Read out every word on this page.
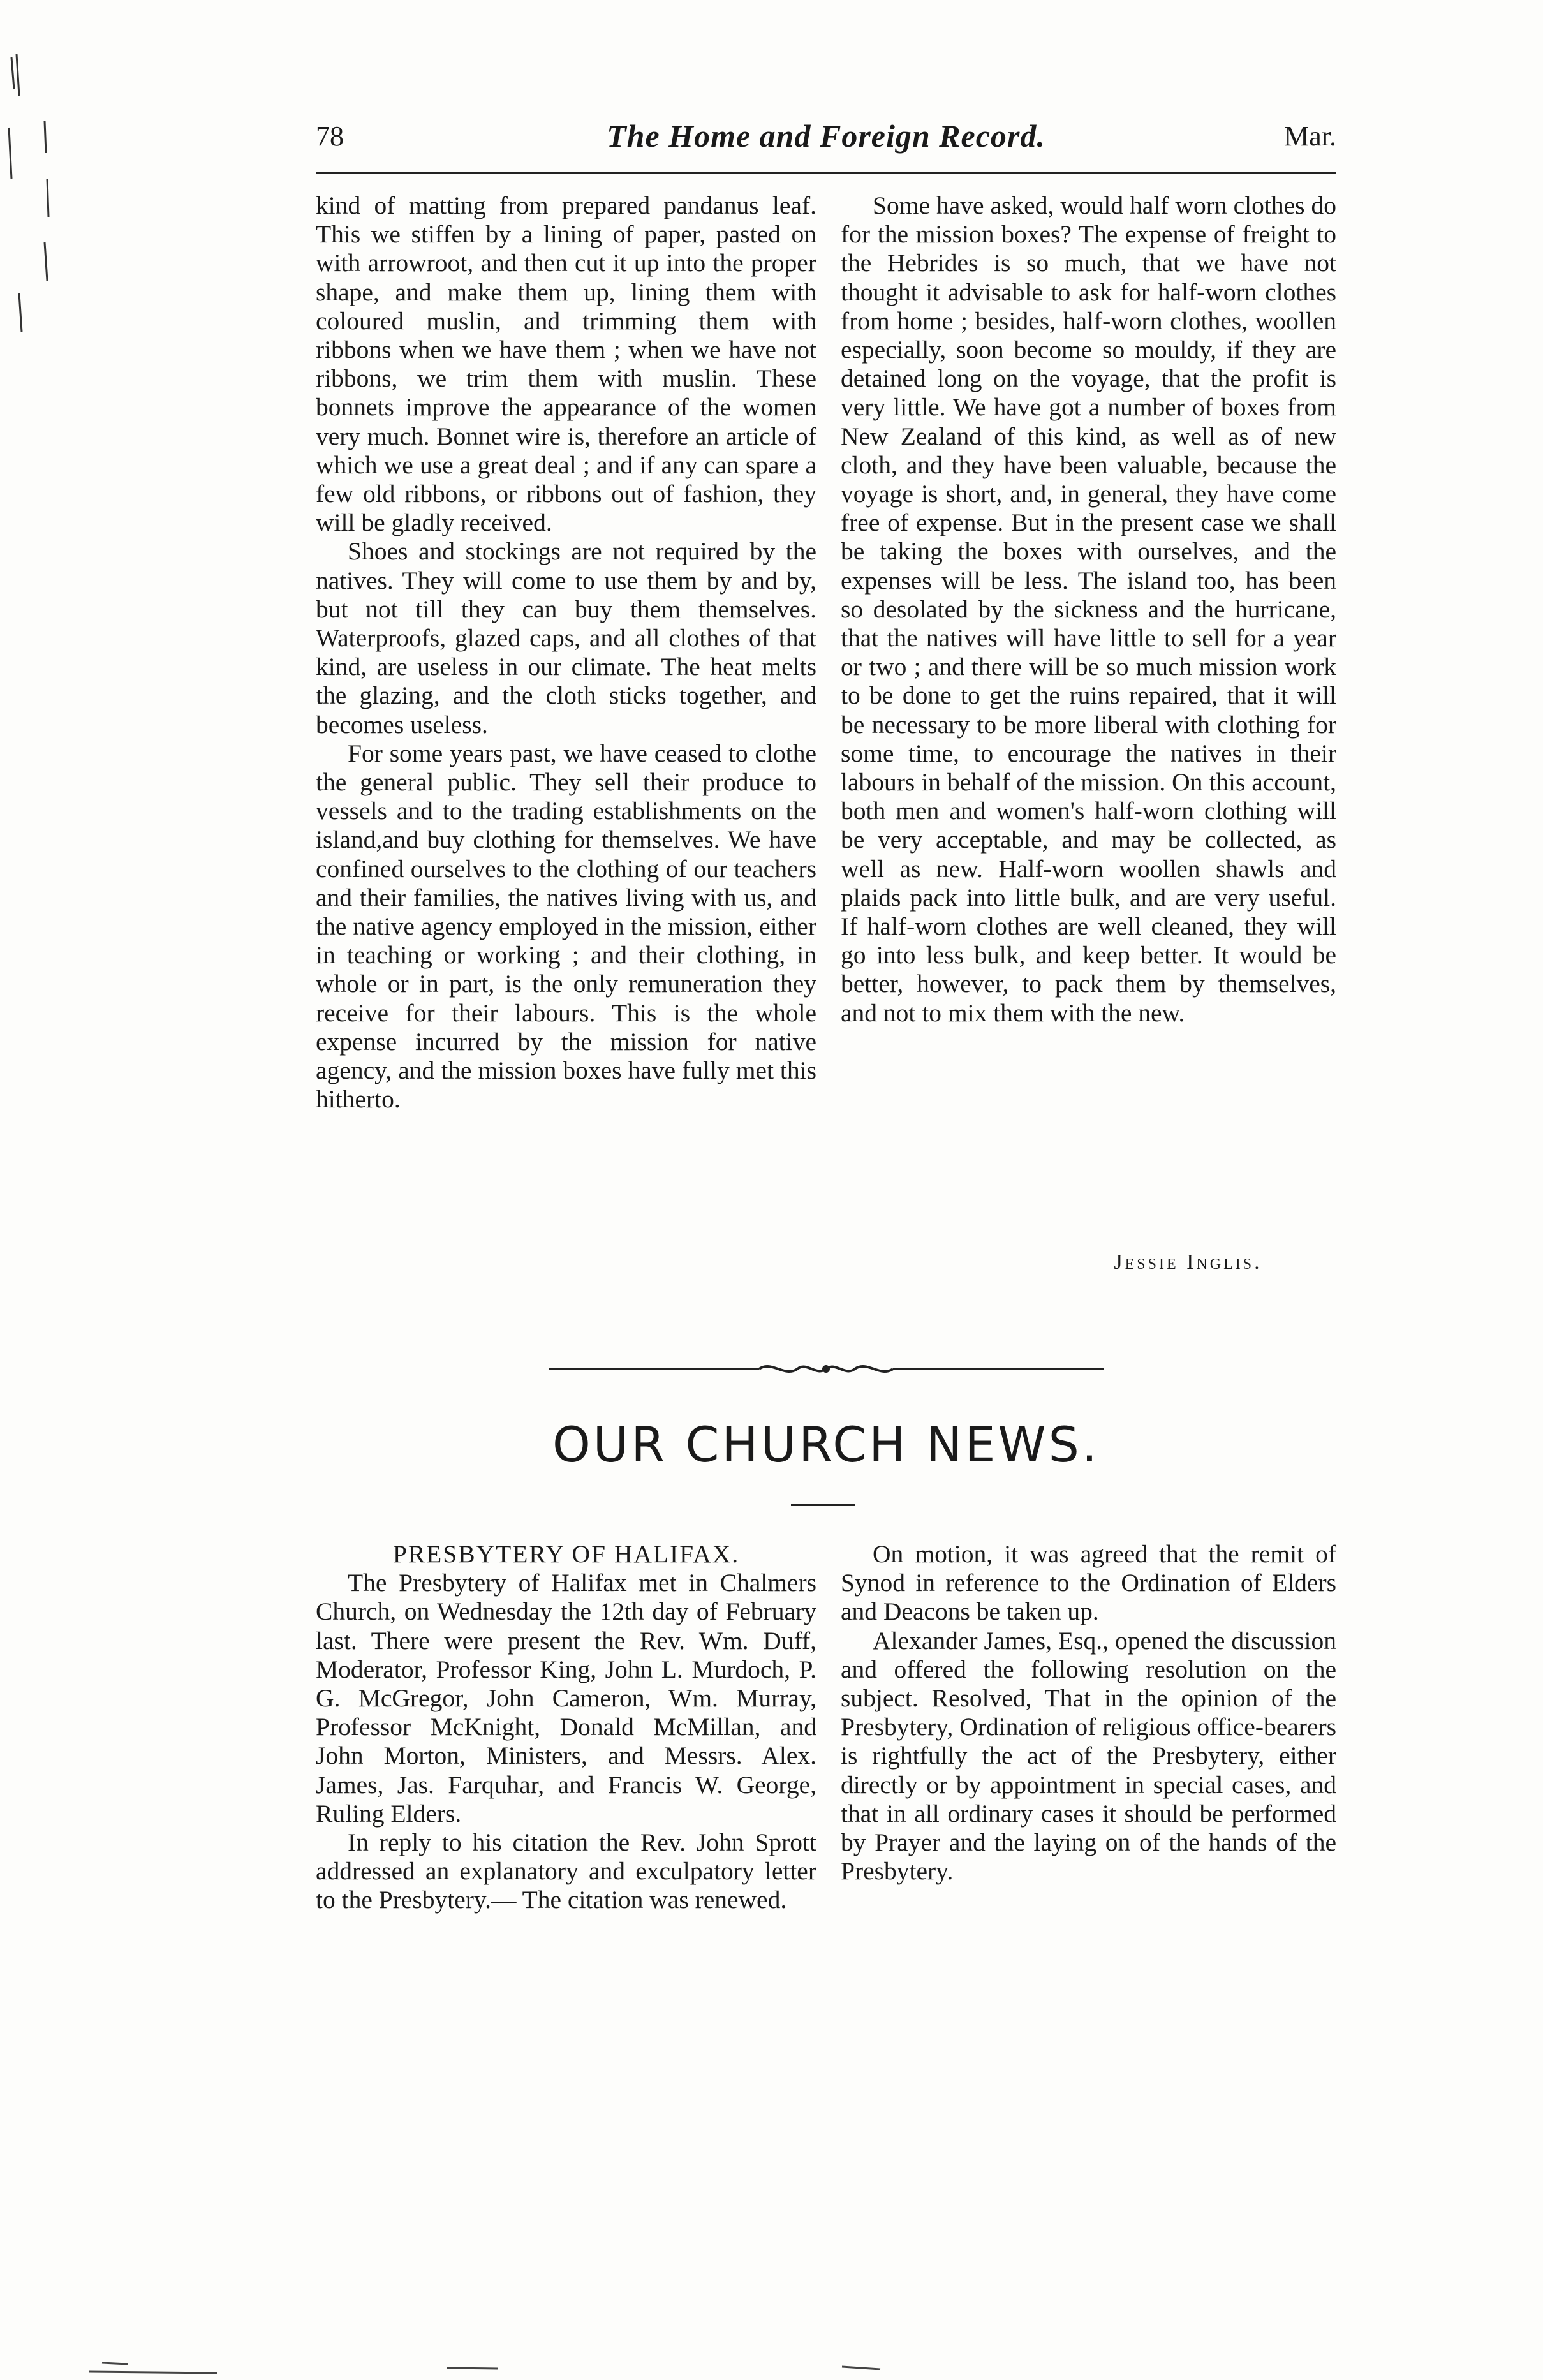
78	The Home and Foreign Record.	Mar.

kind of matting from prepared pandanus leaf. This we stiffen by a lining of paper, pasted on with arrowroot, and then cut it up into the proper shape, and make them up, lining them with coloured muslin, and trimming them with ribbons when we have them ; when we have not ribbons, we trim them with muslin. These bonnets improve the appearance of the women very much. Bonnet wire is, therefore an article of which we use a great deal ; and if any can spare a few old ribbons, or ribbons out of fashion, they will be gladly received.

Shoes and stockings are not required by the natives. They will come to use them by and by, but not till they can buy them themselves. Waterproofs, glazed caps, and all clothes of that kind, are useless in our climate. The heat melts the glazing, and the cloth sticks together, and becomes useless.

For some years past, we have ceased to clothe the general public. They sell their produce to vessels and to the trading establishments on the island,and buy clothing for themselves. We have confined ourselves to the clothing of our teachers and their families, the natives living with us, and the native agency employed in the mission, either in teaching or working ; and their clothing, in whole or in part, is the only remuneration they receive for their labours. This is the whole expense incurred by the mission for native agency, and the mission boxes have fully met this hitherto.

Some have asked, would half worn clothes do for the mission boxes? The expense of freight to the Hebrides is so much, that we have not thought it advisable to ask for half-worn clothes from home ; besides, half-worn clothes, woollen especially, soon become so mouldy, if they are detained long on the voyage, that the profit is very little. We have got a number of boxes from New Zealand of this kind, as well as of new cloth, and they have been valuable, because the voyage is short, and, in general, they have come free of expense. But in the present case we shall be taking the boxes with ourselves, and the expenses will be less. The island too, has been so desolated by the sickness and the hurricane, that the natives will have little to sell for a year or two ; and there will be so much mission work to be done to get the ruins repaired, that it will be necessary to be more liberal with clothing for some time, to encourage the natives in their labours in behalf of the mission. On this account, both men and women's half-worn clothing will be very acceptable, and may be collected, as well as new. Half-worn woollen shawls and plaids pack into little bulk, and are very useful. If half-worn clothes are well cleaned, they will go into less bulk, and keep better. It would be better, however, to pack them by themselves, and not to mix them with the new.

Jessie Inglis.
OUR CHURCH NEWS.

PRESBYTERY OF HALIFAX.

The Presbytery of Halifax met in Chalmers Church, on Wednesday the 12th day of February last. There were present the Rev. Wm. Duff, Moderator, Professor King, John L. Murdoch, P. G. McGregor, John Cameron, Wm. Murray, Professor McKnight, Donald McMillan, and John Morton, Ministers, and Messrs. Alex. James, Jas. Farquhar, and Francis W. George, Ruling Elders.

In reply to his citation the Rev. John Sprott addressed an explanatory and exculpatory letter to the Presbytery.— The citation was renewed.

On motion, it was agreed that the remit of Synod in reference to the Ordination of Elders and Deacons be taken up.

Alexander James, Esq., opened the discussion and offered the following resolution on the subject. Resolved, That in the opinion of the Presbytery, Ordination of religious office-bearers is rightfully the act of the Presbytery, either directly or by appointment in special cases, and that in all ordinary cases it should be performed by Prayer and the laying on of the hands of the Presbytery.
